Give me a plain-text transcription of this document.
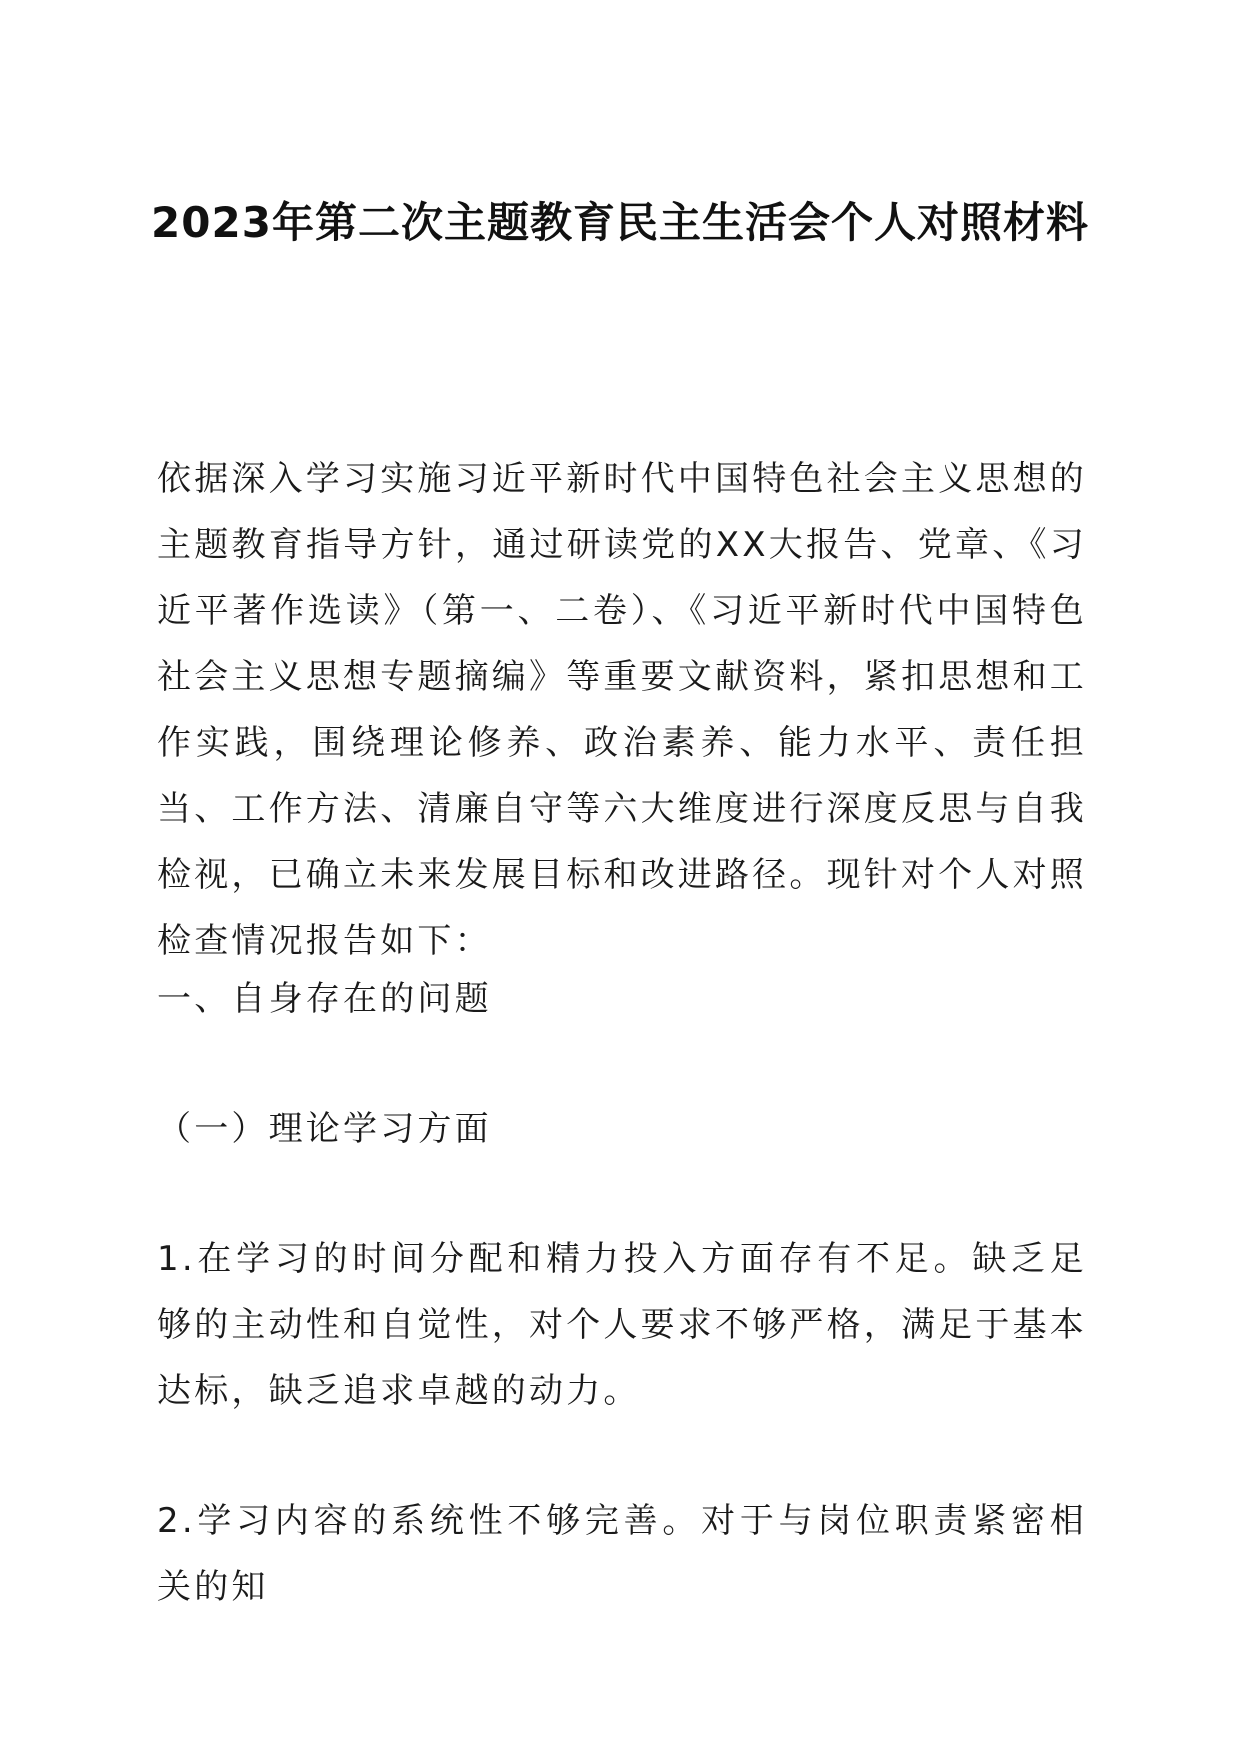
2023年第二次主题教育民主生活会个人对照材料

依据深入学习实施习近平新时代中国特色社会主义思想的主题教育指导方针，通过研读党的XX大报告、党章、《习近平著作选读》（第一、二卷）、《习近平新时代中国特色社会主义思想专题摘编》等重要文献资料，紧扣思想和工作实践，围绕理论修养、政治素养、能力水平、责任担当、工作方法、清廉自守等六大维度进行深度反思与自我检视，已确立未来发展目标和改进路径。现针对个人对照检查情况报告如下：

一、自身存在的问题

（一）理论学习方面

1.在学习的时间分配和精力投入方面存有不足。缺乏足够的主动性和自觉性，对个人要求不够严格，满足于基本达标，缺乏追求卓越的动力。

2.学习内容的系统性不够完善。对于与岗位职责紧密相关的知
